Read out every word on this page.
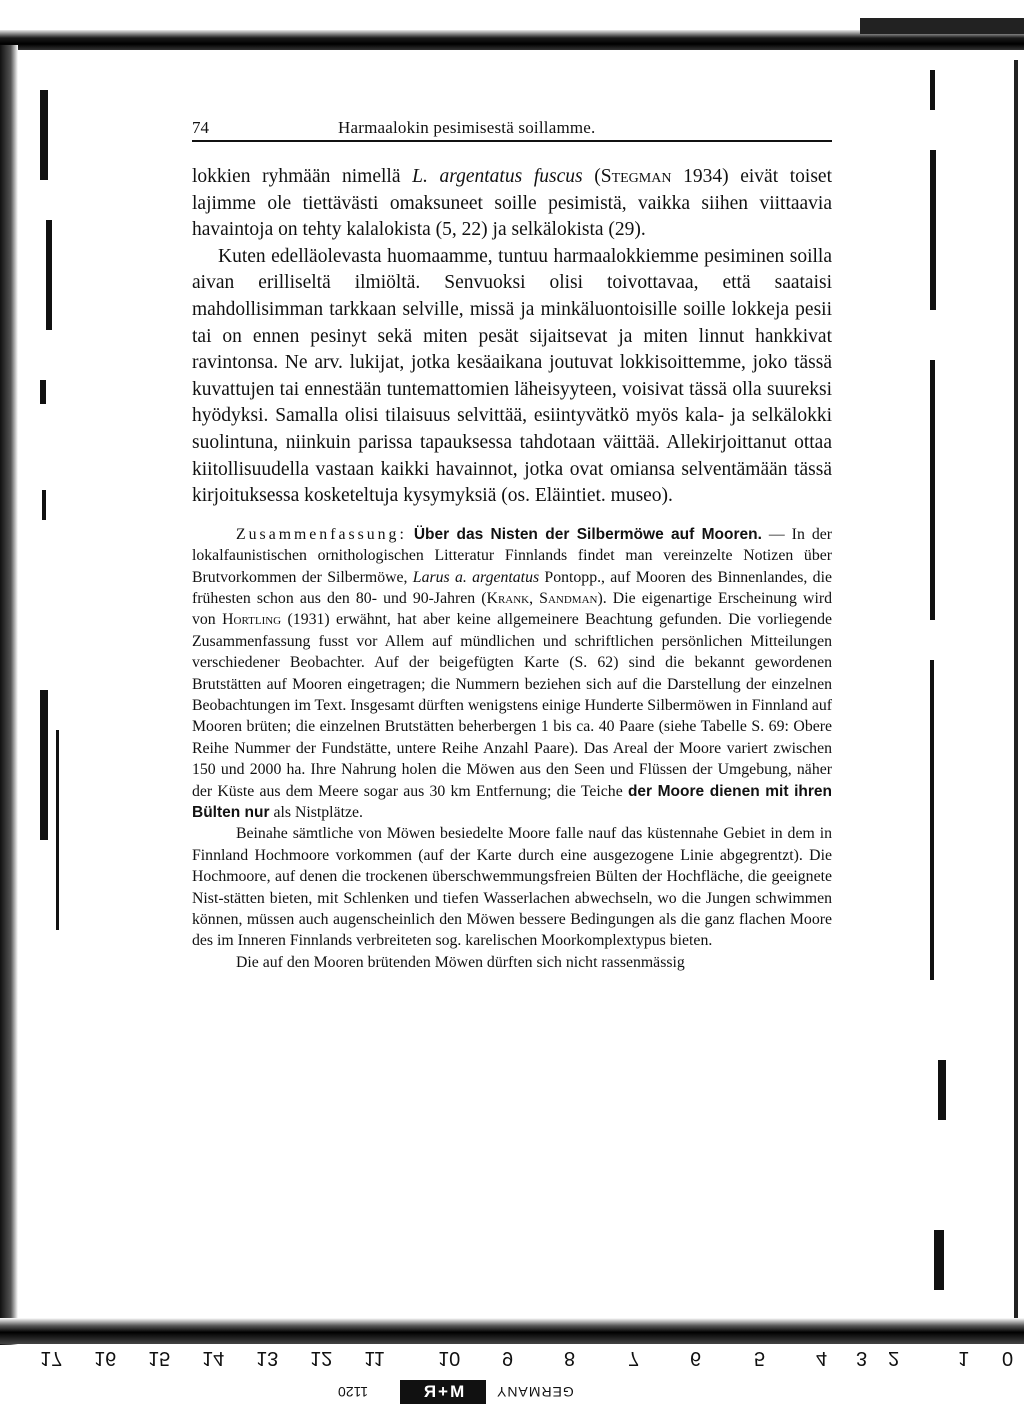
17 16 15 14 13 12 11	10 9	8	7	6	5	4 3 2	1 0
1120	M+R	GERMANY
74	Harmaalokin pesimisestä soillamme.

lokkien ryhmään nimellä L. argentatus fuscus (Stegman 1934) eivät toiset lajimme ole tiettävästi omaksuneet soille pesimistä, vaikka siihen viittaavia havaintoja on tehty kalalokista (5, 22) ja selkälokista (29).

Kuten edelläolevasta huomaamme, tuntuu harmaalokkiemme pesiminen soilla aivan erilliseltä ilmiöltä. Senvuoksi olisi toivottavaa, että saataisi mahdollisimman tarkkaan selville, missä ja minkäluontoisille soille lokkeja pesii tai on ennen pesinyt sekä miten pesät sijaitsevat ja miten linnut hankkivat ravintonsa. Ne arv. lukijat, jotka kesäaikana joutuvat lokkisoittemme, joko tässä kuvattujen tai ennestään tuntemattomien läheisyyteen, voisivat tässä olla suureksi hyödyksi. Samalla olisi tilaisuus selvittää, esiintyvätkö myös kala- ja selkälokki suolintuna, niinkuin parissa tapauksessa tahdotaan väittää. Allekirjoittanut ottaa kiitollisuudella vastaan kaikki havainnot, jotka ovat omiansa selventämään tässä kirjoituksessa kosketeltuja kysymyksiä (os. Eläintiet. museo).

Zusammenfassung: Über das Nisten der Silbermöwe auf Mooren. — In der lokalfaunistischen ornithologischen Litteratur Finnlands findet man vereinzelte Notizen über Brutvorkommen der Silbermöwe, Larus a. argentatus Pontopp., auf Mooren des Binnenlandes, die frühesten schon aus den 80- und 90-Jahren (Krank, Sandman). Die eigenartige Erscheinung wird von Hortling (1931) erwähnt, hat aber keine allgemeinere Beachtung gefunden. Die vorliegende Zusammenfassung fusst vor Allem auf mündlichen und schriftlichen persönlichen Mitteilungen verschiedener Beobachter. Auf der beigefügten Karte (S. 62) sind die bekannt gewordenen Brutstätten auf Mooren eingetragen; die Nummern beziehen sich auf die Darstellung der einzelnen Beobachtungen im Text. Insgesamt dürften wenigstens einige Hunderte Silbermöwen in Finnland auf Mooren brüten; die einzelnen Brutstätten beherbergen 1 bis ca. 40 Paare (siehe Tabelle S. 69: Obere Reihe Nummer der Fundstätte, untere Reihe Anzahl Paare). Das Areal der Moore variert zwischen 150 und 2000 ha. Ihre Nahrung holen die Möwen aus den Seen und Flüssen der Umgebung, näher der Küste aus dem Meere sogar aus 30 km Entfernung; die Teiche der Moore dienen mit ihren Bülten nur als Nistplätze.

Beinahe sämtliche von Möwen besiedelte Moore falle nauf das küstennahe Gebiet in dem in Finnland Hochmoore vorkommen (auf der Karte durch eine ausgezogene Linie abgegrentzt). Die Hochmoore, auf denen die trockenen überschwemmungsfreien Bülten der Hochfläche, die geeignete Nist-stätten bieten, mit Schlenken und tiefen Wasserlachen abwechseln, wo die Jungen schwimmen können, müssen auch augenscheinlich den Möwen bessere Bedingungen als die ganz flachen Moore des im Inneren Finnlands verbreiteten sog. karelischen Moorkomplextypus bieten.

Die auf den Mooren brütenden Möwen dürften sich nicht rassenmässig
